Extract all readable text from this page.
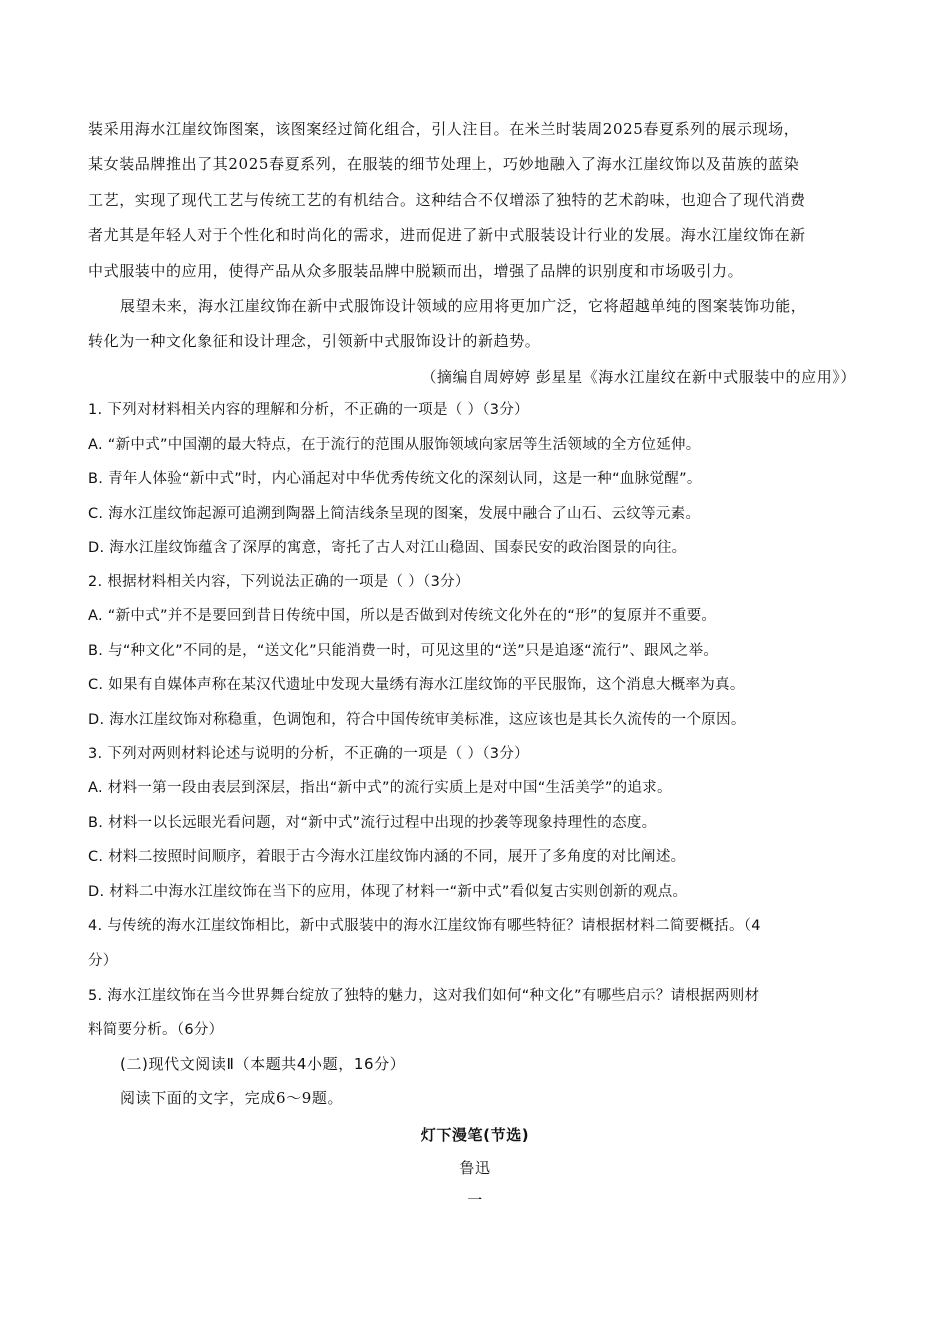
装采用海水江崖纹饰图案，该图案经过简化组合，引人注目。在米兰时装周2025春夏系列的展示现场，
某女装品牌推出了其2025春夏系列，在服装的细节处理上，巧妙地融入了海水江崖纹饰以及苗族的蓝染
工艺，实现了现代工艺与传统工艺的有机结合。这种结合不仅增添了独特的艺术韵味，也迎合了现代消费
者尤其是年轻人对于个性化和时尚化的需求，进而促进了新中式服装设计行业的发展。海水江崖纹饰在新
中式服装中的应用，使得产品从众多服装品牌中脱颖而出，增强了品牌的识别度和市场吸引力。
展望未来，海水江崖纹饰在新中式服饰设计领域的应用将更加广泛，它将超越单纯的图案装饰功能，
转化为一种文化象征和设计理念，引领新中式服饰设计的新趋势。
（摘编自周婷婷 彭星星《海水江崖纹在新中式服装中的应用》）
1. 下列对材料相关内容的理解和分析，不正确的一项是（ ）（3分）
A. “新中式”中国潮的最大特点，在于流行的范围从服饰领域向家居等生活领域的全方位延伸。
B. 青年人体验“新中式”时，内心涌起对中华优秀传统文化的深刻认同，这是一种“血脉觉醒”。
C. 海水江崖纹饰起源可追溯到陶器上简洁线条呈现的图案，发展中融合了山石、云纹等元素。
D. 海水江崖纹饰蕴含了深厚的寓意，寄托了古人对江山稳固、国泰民安的政治图景的向往。
2. 根据材料相关内容，下列说法正确的一项是（ ）（3分）
A. “新中式”并不是要回到昔日传统中国，所以是否做到对传统文化外在的“形”的复原并不重要。
B. 与“种文化”不同的是，“送文化”只能消费一时，可见这里的“送”只是追逐“流行”、跟风之举。
C. 如果有自媒体声称在某汉代遗址中发现大量绣有海水江崖纹饰的平民服饰，这个消息大概率为真。
D. 海水江崖纹饰对称稳重，色调饱和，符合中国传统审美标准，这应该也是其长久流传的一个原因。
3. 下列对两则材料论述与说明的分析，不正确的一项是（ ）（3分）
A. 材料一第一段由表层到深层，指出“新中式”的流行实质上是对中国“生活美学”的追求。
B. 材料一以长远眼光看问题，对“新中式”流行过程中出现的抄袭等现象持理性的态度。
C. 材料二按照时间顺序，着眼于古今海水江崖纹饰内涵的不同，展开了多角度的对比阐述。
D. 材料二中海水江崖纹饰在当下的应用，体现了材料一“新中式”看似复古实则创新的观点。
4. 与传统的海水江崖纹饰相比，新中式服装中的海水江崖纹饰有哪些特征？请根据材料二简要概括。（4
分）
5. 海水江崖纹饰在当今世界舞台绽放了独特的魅力，这对我们如何“种文化”有哪些启示？请根据两则材
料简要分析。（6分）
(二)现代文阅读Ⅱ（本题共4小题，16分）
阅读下面的文字，完成6～9题。
灯下漫笔(节选)
鲁迅
一
